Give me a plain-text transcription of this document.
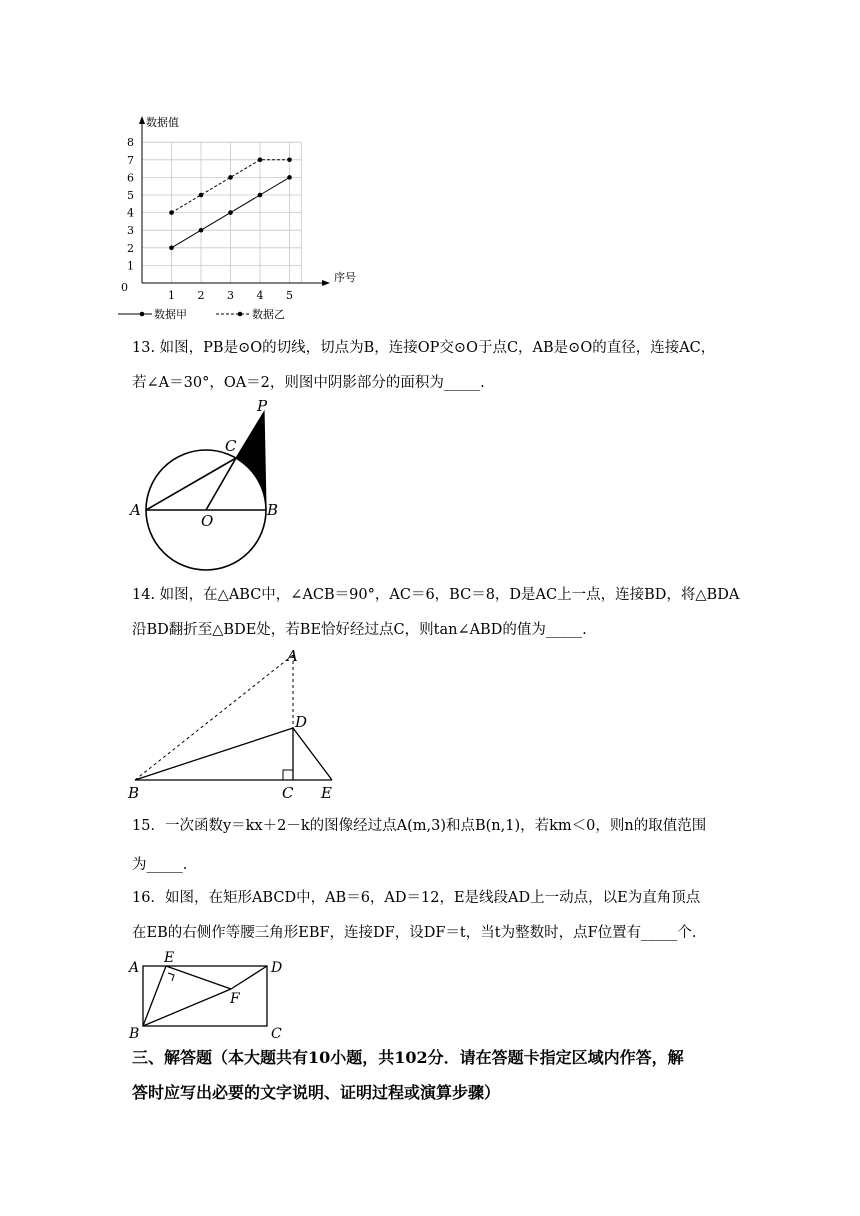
1
2
3
4
5
6
7
8
1 2 3 4 5
0
数据值
序号
数据甲	数据乙
13. 如图，PB是⊙O的切线，切点为B，连接OP交⊙O于点C，AB是⊙O的直径，连接AC，
若∠A＝30°，OA＝2，则图中阴影部分的面积为_____.
P
C
A
O
B
14. 如图，在△ABC中，∠ACB＝90°，AC＝6，BC＝8，D是AC上一点，连接BD，将△BDA
沿BD翻折至△BDE处，若BE恰好经过点C，则tan∠ABD的值为_____.
A
D
B	C E
15．一次函数y＝kx＋2－k的图像经过点A(m,3)和点B(n,1)，若km＜0，则n的取值范围
为_____.
16．如图，在矩形ABCD中，AB＝6，AD＝12，E是线段AD上一动点，以E为直角顶点
在EB的右侧作等腰三角形EBF，连接DF，设DF＝t，当t为整数时，点F位置有_____个.
A
E
D
F
B	C
三、解答题（本大题共有10小题，共102分．请在答题卡指定区域内作答，解
答时应写出必要的文字说明、证明过程或演算步骤）
